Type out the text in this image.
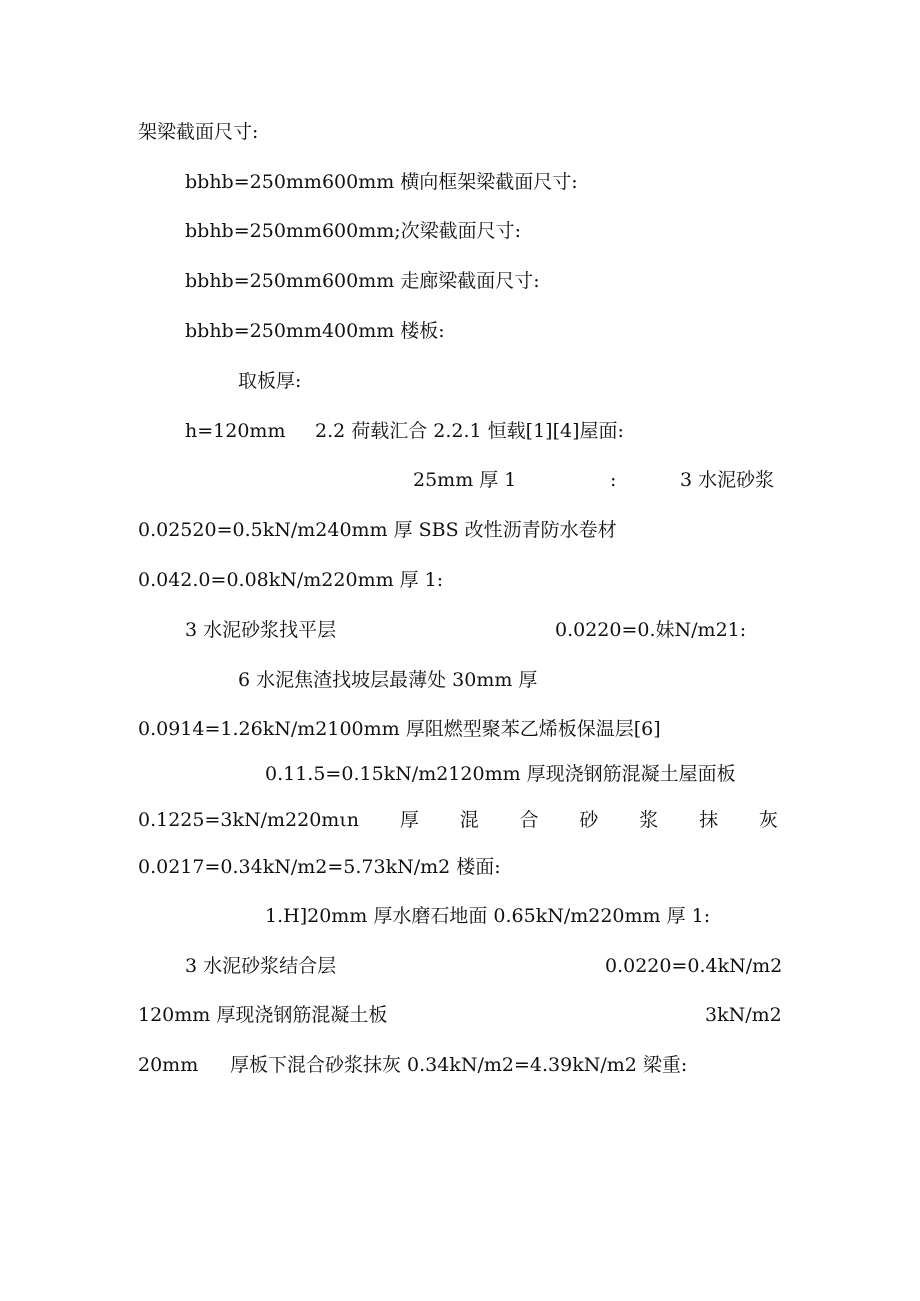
架梁截面尺寸:
bbhb=250mm600mm 横向框架梁截面尺寸:
bbhb=250mm600mm;次梁截面尺寸:
bbhb=250mm600mm 走廊梁截面尺寸:
bbhb=250mm400mm 楼板:
取板厚:
h=120mm 2.2 荷载汇合 2.2.1 恒载[1][4]屋面:
25mm 厚 1	:	3 水泥砂浆
0.02520=0.5kN/m240mm 厚 SBS 改性沥青防水卷材
0.042.0=0.08kN/m220mm 厚 1:
3 水泥砂浆找平层	0.0220=0.妹N/m21:
6 水泥焦渣找坡层最薄处 30mm 厚
0.0914=1.26kN/m2100mm 厚阻燃型聚苯乙烯板保温层[6]
0.11.5=0.15kN/m2120mm 厚现浇钢筋混凝土屋面板
0.1225=3kN/m220mιn 厚 混 合 砂 浆 抹 灰
0.0217=0.34kN/m2=5.73kN/m2 楼面:
1.H]20mm 厚水磨石地面 0.65kN/m220mm 厚 1:
3 水泥砂浆结合层	0.0220=0.4kN/m2
120mm 厚现浇钢筋混凝土板	3kN/m2
20mm 厚板下混合砂浆抹灰 0.34kN/m2=4.39kN/m2 梁重:
